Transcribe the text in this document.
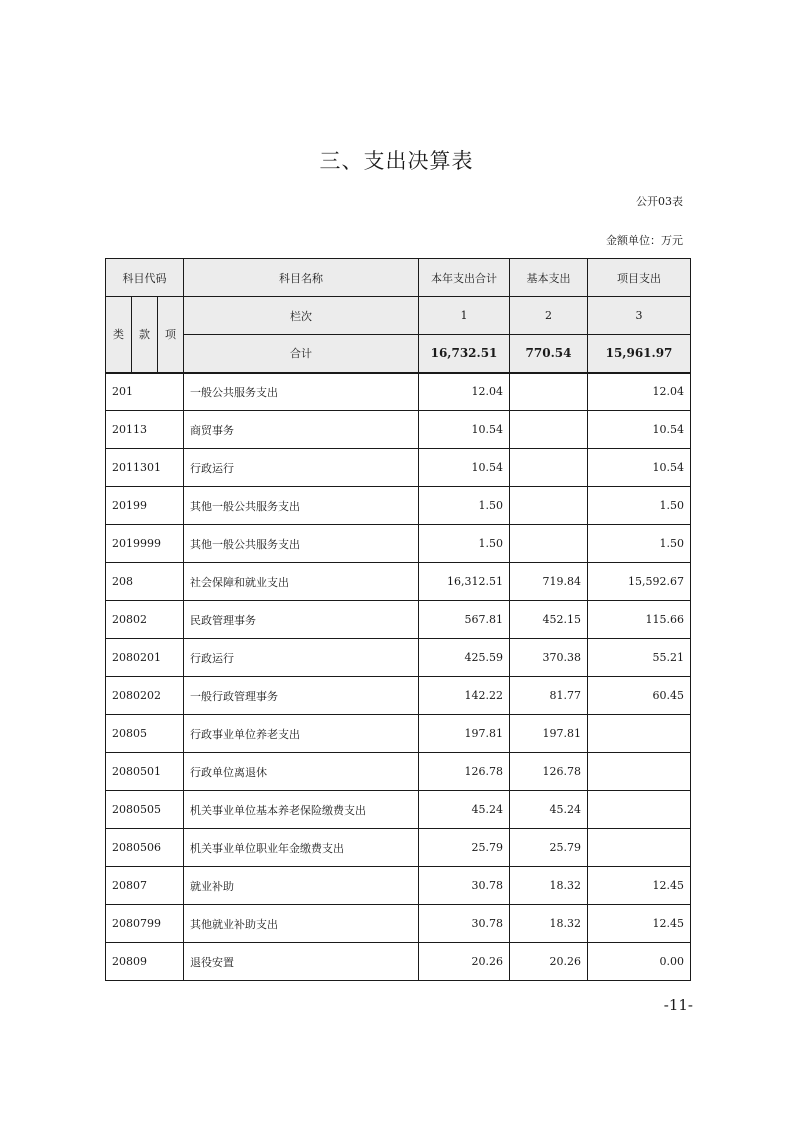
三、支出决算表
公开03表
金额单位：万元
科目代码			科目名称	本年支出合计	基本支出	项目支出
类	款	项	栏次	1	2	3
			合计	16,732.51	770.54	15,961.97
201			一般公共服务支出	12.04		12.04
20113			商贸事务	10.54		10.54
2011301			行政运行	10.54		10.54
20199			其他一般公共服务支出	1.50		1.50
2019999			其他一般公共服务支出	1.50		1.50
208			社会保障和就业支出	16,312.51	719.84	15,592.67
20802			民政管理事务	567.81	452.15	115.66
2080201			行政运行	425.59	370.38	55.21
2080202			一般行政管理事务	142.22	81.77	60.45
20805			行政事业单位养老支出	197.81	197.81	
2080501			行政单位离退休	126.78	126.78	
2080505			机关事业单位基本养老保险缴费支出	45.24	45.24	
2080506			机关事业单位职业年金缴费支出	25.79	25.79	
20807			就业补助	30.78	18.32	12.45
2080799			其他就业补助支出	30.78	18.32	12.45
20809			退役安置	20.26	20.26	0.00
-11-
